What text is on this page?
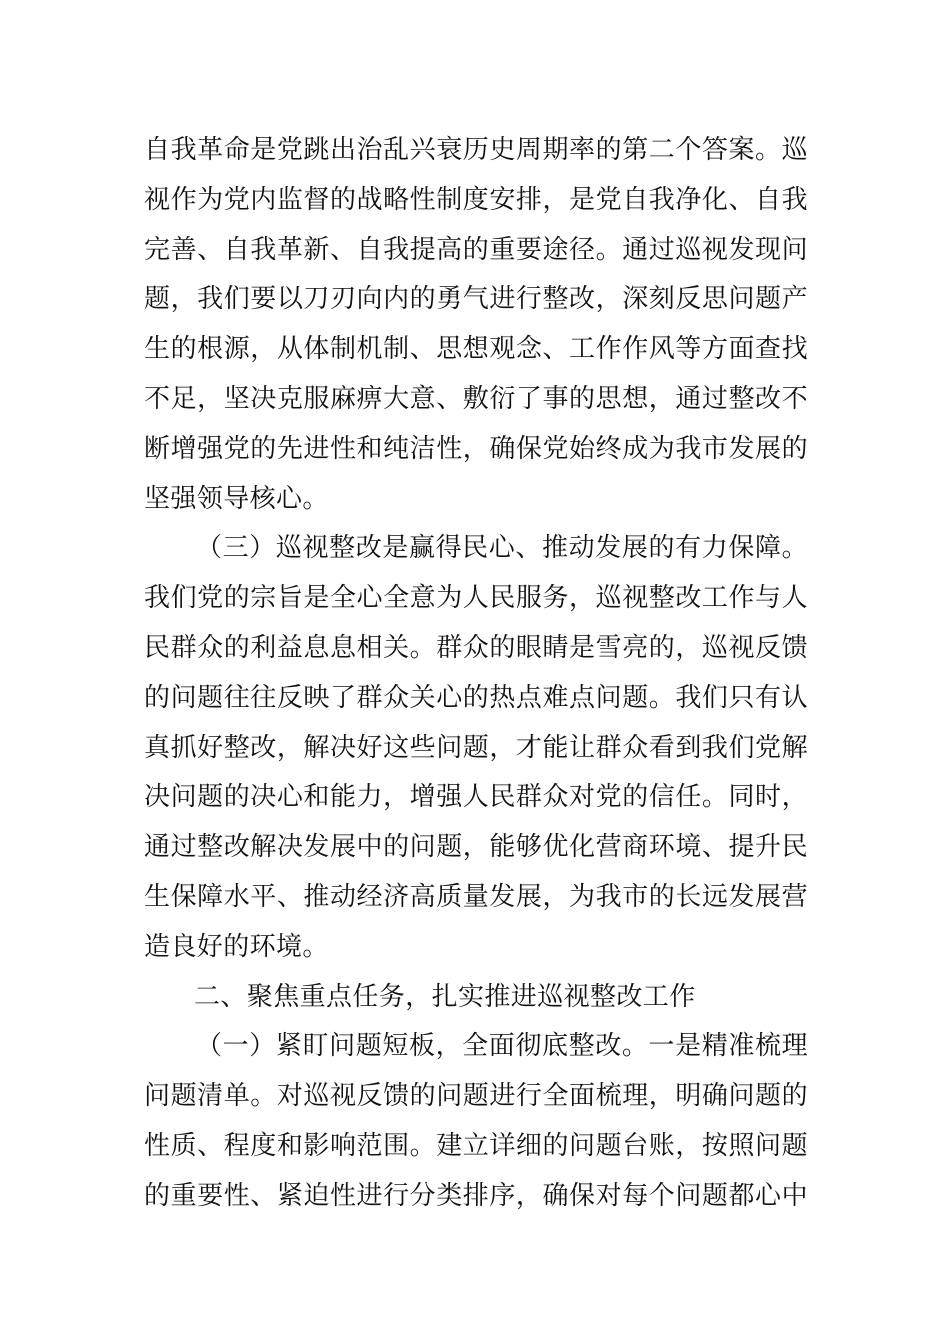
自我革命是党跳出治乱兴衰历史周期率的第二个答案。巡
视作为党内监督的战略性制度安排，是党自我净化、自我
完善、自我革新、自我提高的重要途径。通过巡视发现问
题，我们要以刀刃向内的勇气进行整改，深刻反思问题产
生的根源，从体制机制、思想观念、工作作风等方面查找
不足，坚决克服麻痹大意、敷衍了事的思想，通过整改不
断增强党的先进性和纯洁性，确保党始终成为我市发展的
坚强领导核心。
（三）巡视整改是赢得民心、推动发展的有力保障。
我们党的宗旨是全心全意为人民服务，巡视整改工作与人
民群众的利益息息相关。群众的眼睛是雪亮的，巡视反馈
的问题往往反映了群众关心的热点难点问题。我们只有认
真抓好整改，解决好这些问题，才能让群众看到我们党解
决问题的决心和能力，增强人民群众对党的信任。同时，
通过整改解决发展中的问题，能够优化营商环境、提升民
生保障水平、推动经济高质量发展，为我市的长远发展营
造良好的环境。
二、聚焦重点任务，扎实推进巡视整改工作
（一）紧盯问题短板，全面彻底整改。一是精准梳理
问题清单。对巡视反馈的问题进行全面梳理，明确问题的
性质、程度和影响范围。建立详细的问题台账，按照问题
的重要性、紧迫性进行分类排序，确保对每个问题都心中
